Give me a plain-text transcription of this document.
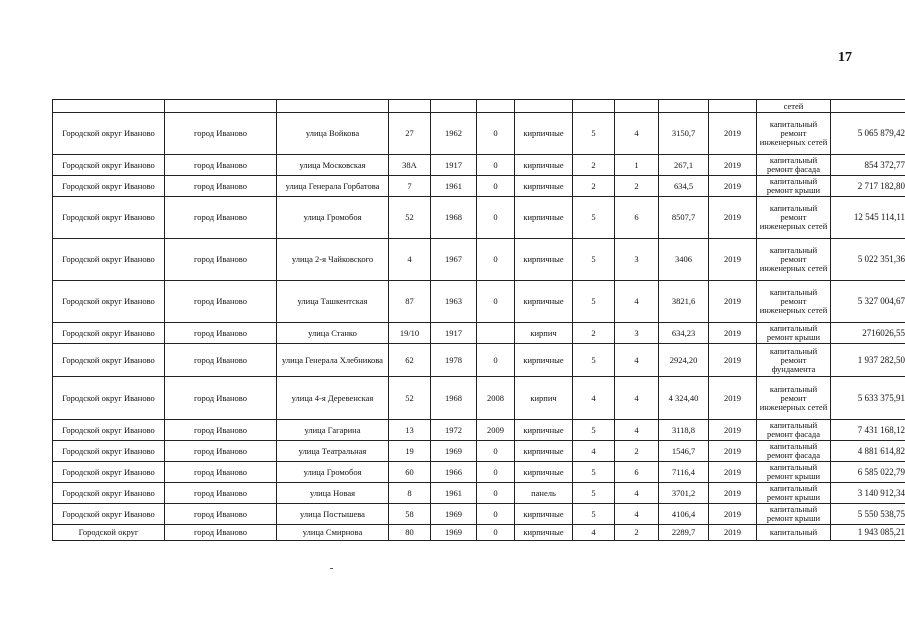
17
											сетей	
Городской округ Иваново	город Иваново	улица Войкова	27	1962	0	кирпичные	5	4	3150,7	2019	капитальный ремонт инженерных сетей	5 065 879,42
Городской округ Иваново	город Иваново	улица Московская	38А	1917	0	кирпичные	2	1	267,1	2019	капитальный ремонт фасада	854 372,77
Городской округ Иваново	город Иваново	улица Генерала Горбатова	7	1961	0	кирпичные	2	2	634,5	2019	капитальный ремонт крыши	2 717 182,80
Городской округ Иваново	город Иваново	улица Громобоя	52	1968	0	кирпичные	5	6	8507,7	2019	капитальный ремонт инженерных сетей	12 545 114,11
Городской округ Иваново	город Иваново	улица 2-я Чайковского	4	1967	0	кирпичные	5	3	3406	2019	капитальный ремонт инженерных сетей	5 022 351,36
Городской округ Иваново	город Иваново	улица Ташкентская	87	1963	0	кирпичные	5	4	3821,6	2019	капитальный ремонт инженерных сетей	5 327 004,67
Городской округ Иваново	город Иваново	улица Станко	19/10	1917		кирпич	2	3	634,23	2019	капитальный ремонт крыши	2716026,55
Городской округ Иваново	город Иваново	улица Генерала Хлебникова	62	1978	0	кирпичные	5	4	2924,20	2019	капитальный ремонт фундамента	1 937 282,50
Городской округ Иваново	город Иваново	улица 4-я Деревенская	52	1968	2008	кирпич	4	4	4 324,40	2019	капитальный ремонт инженерных сетей	5 633 375,91
Городской округ Иваново	город Иваново	улица Гагарина	13	1972	2009	кирпичные	5	4	3118,8	2019	капитальный ремонт фасада	7 431 168,12
Городской округ Иваново	город Иваново	улица Театральная	19	1969	0	кирпичные	4	2	1546,7	2019	капитальный ремонт фасада	4 881 614,82
Городской округ Иваново	город Иваново	улица Громобоя	60	1966	0	кирпичные	5	6	7116,4	2019	капитальный ремонт крыши	6 585 022,79
Городской округ Иваново	город Иваново	улица Новая	8	1961	0	панель	5	4	3701,2	2019	капитальный ремонт крыши	3 140 912,34
Городской округ Иваново	город Иваново	улица Постышева	58	1969	0	кирпичные	5	4	4106,4	2019	капитальный ремонт крыши	5 550 538,75
Городской округ	город Иваново	улица Смирнова	80	1969	0	кирпичные	4	2	2289,7	2019	капитальный	1 943 085,21
